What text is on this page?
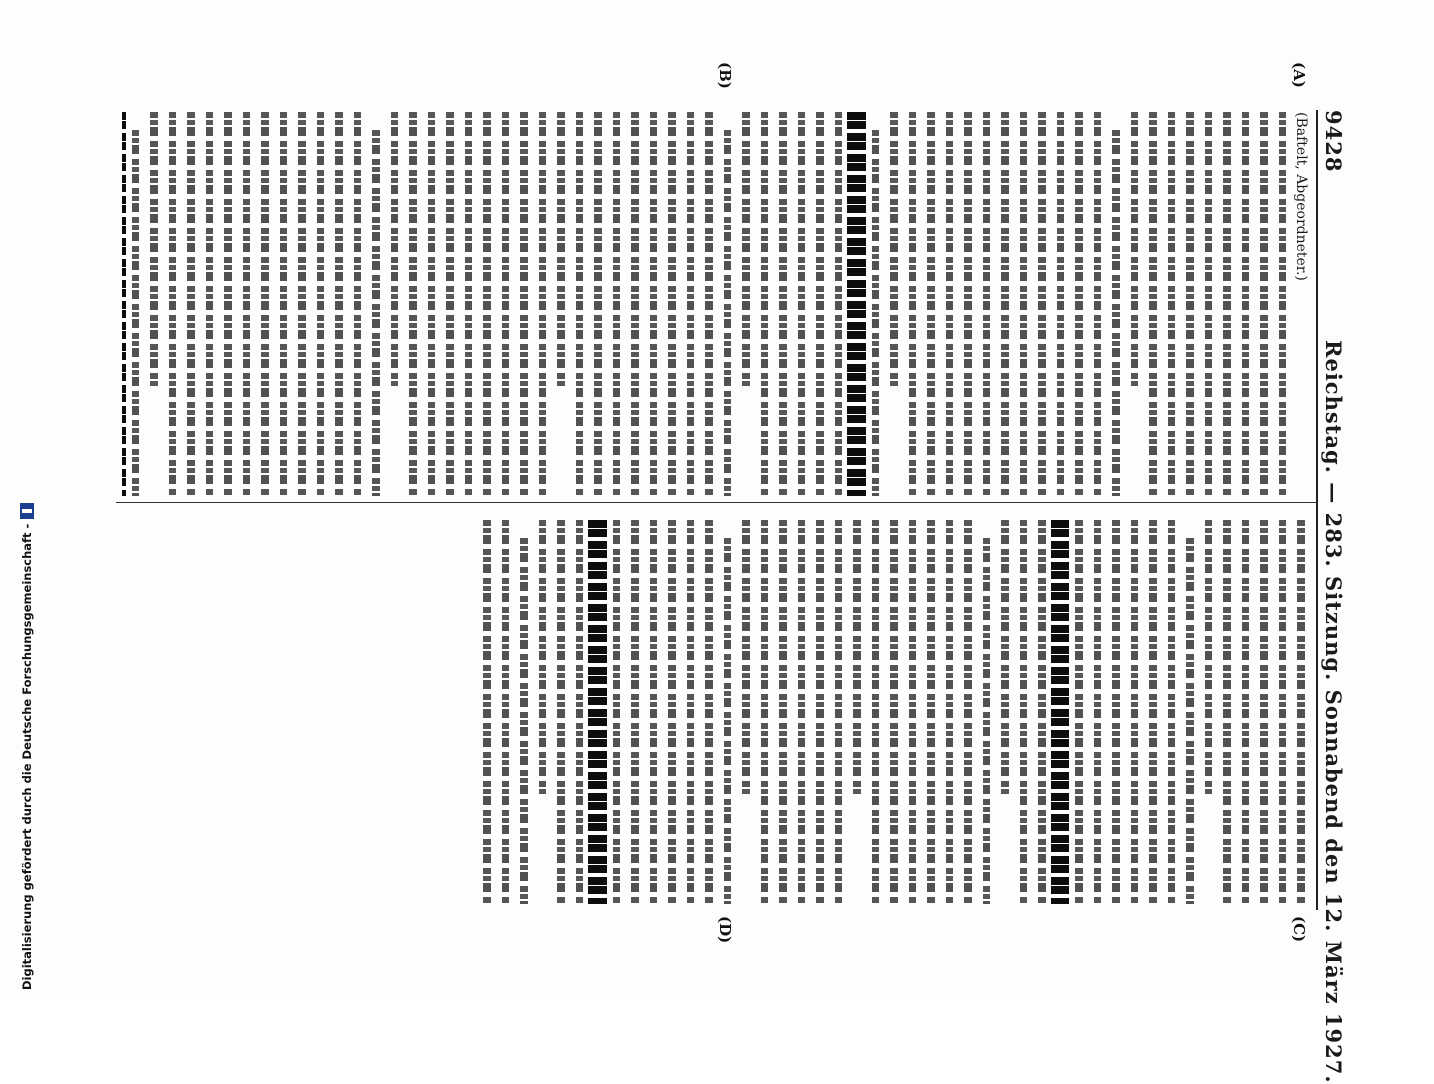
9428
Reichstag. — 283. Sitzung. Sonnabend den 12. März 1927.
(Baftelt, Abgeordneter.)
(A)
(B)
(C)
(D)
Digitalisierung gefördert durch die Deutsche Forschungsgemeinschaft -
